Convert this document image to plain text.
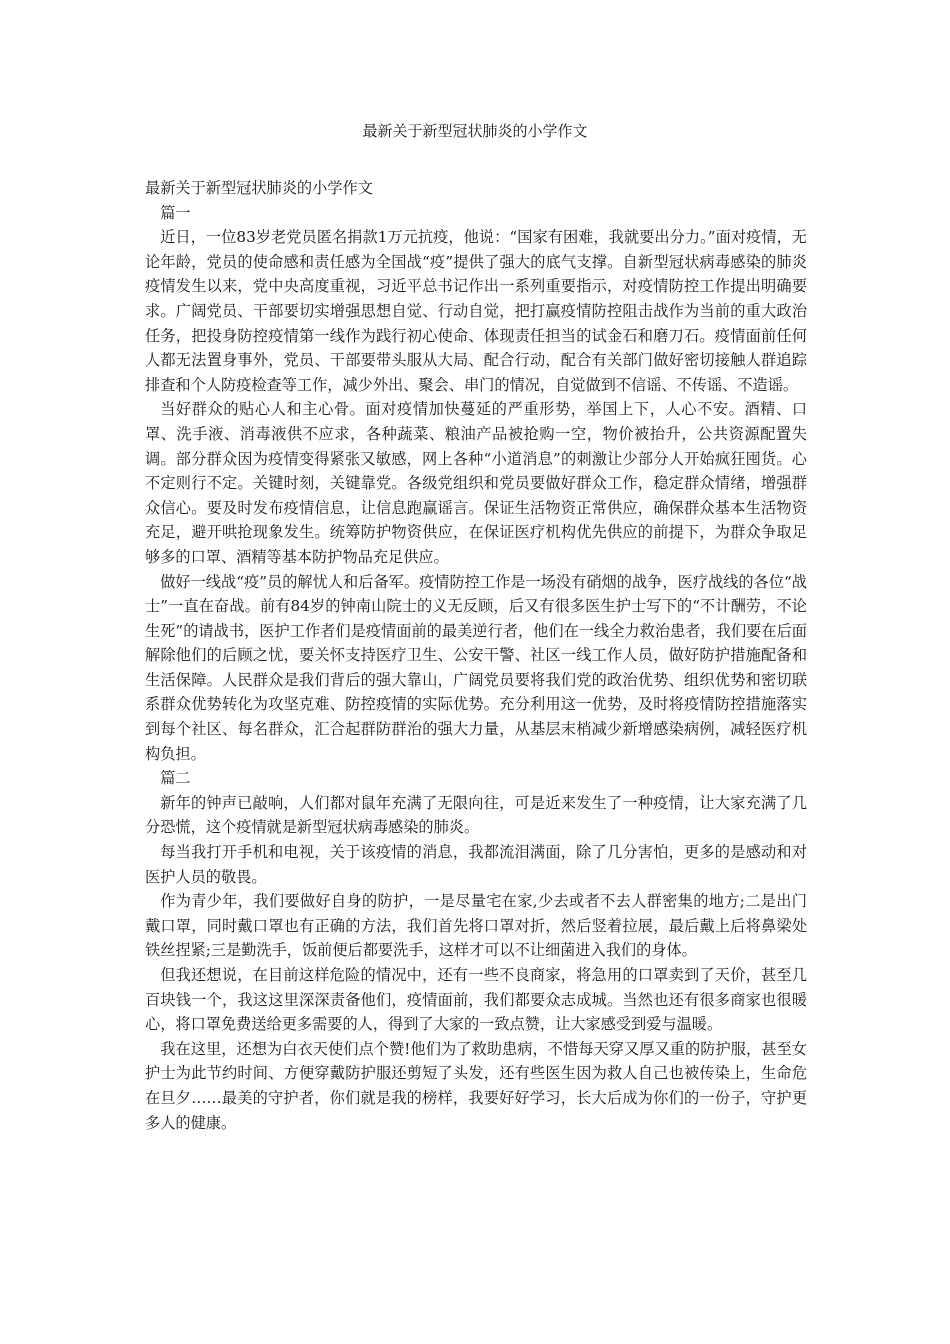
最新关于新型冠状肺炎的小学作文

最新关于新型冠状肺炎的小学作文

篇一

近日，一位83岁老党员匿名捐款1万元抗疫，他说：“国家有困难，我就要出分力。”面对疫情，无论年龄，党员的使命感和责任感为全国战“疫”提供了强大的底气支撑。自新型冠状病毒感染的肺炎疫情发生以来，党中央高度重视，习近平总书记作出一系列重要指示，对疫情防控工作提出明确要求。广阔党员、干部要切实增强思想自觉、行动自觉，把打赢疫情防控阻击战作为当前的重大政治任务，把投身防控疫情第一线作为践行初心使命、体现责任担当的试金石和磨刀石。疫情面前任何人都无法置身事外，党员、干部要带头服从大局、配合行动，配合有关部门做好密切接触人群追踪排查和个人防疫检查等工作，减少外出、聚会、串门的情况，自觉做到不信谣、不传谣、不造谣。

当好群众的贴心人和主心骨。面对疫情加快蔓延的严重形势，举国上下，人心不安。酒精、口罩、洗手液、消毒液供不应求，各种蔬菜、粮油产品被抢购一空，物价被抬升，公共资源配置失调。部分群众因为疫情变得紧张又敏感，网上各种“小道消息”的刺激让少部分人开始疯狂囤货。心不定则行不定。关键时刻，关键靠党。各级党组织和党员要做好群众工作，稳定群众情绪，增强群众信心。要及时发布疫情信息，让信息跑赢谣言。保证生活物资正常供应，确保群众基本生活物资充足，避开哄抢现象发生。统筹防护物资供应，在保证医疗机构优先供应的前提下，为群众争取足够多的口罩、酒精等基本防护物品充足供应。

做好一线战“疫”员的解忧人和后备军。疫情防控工作是一场没有硝烟的战争，医疗战线的各位“战士”一直在奋战。前有84岁的钟南山院士的义无反顾，后又有很多医生护士写下的“不计酬劳，不论生死”的请战书，医护工作者们是疫情面前的最美逆行者，他们在一线全力救治患者，我们要在后面解除他们的后顾之忧，要关怀支持医疗卫生、公安干警、社区一线工作人员，做好防护措施配备和生活保障。人民群众是我们背后的强大靠山，广阔党员要将我们党的政治优势、组织优势和密切联系群众优势转化为攻坚克难、防控疫情的实际优势。充分利用这一优势，及时将疫情防控措施落实到每个社区、每名群众，汇合起群防群治的强大力量，从基层末梢减少新增感染病例，减轻医疗机构负担。

篇二

新年的钟声已敲响，人们都对鼠年充满了无限向往，可是近来发生了一种疫情，让大家充满了几分恐慌，这个疫情就是新型冠状病毒感染的肺炎。

每当我打开手机和电视，关于该疫情的消息，我都流泪满面，除了几分害怕，更多的是感动和对医护人员的敬畏。

作为青少年，我们要做好自身的防护，一是尽量宅在家,少去或者不去人群密集的地方;二是出门戴口罩，同时戴口罩也有正确的方法，我们首先将口罩对折，然后竖着拉展，最后戴上后将鼻梁处铁丝捏紧;三是勤洗手，饭前便后都要洗手，这样才可以不让细菌进入我们的身体。

但我还想说，在目前这样危险的情况中，还有一些不良商家，将急用的口罩卖到了天价，甚至几百块钱一个，我这这里深深责备他们，疫情面前，我们都要众志成城。当然也还有很多商家也很暖心，将口罩免费送给更多需要的人，得到了大家的一致点赞，让大家感受到爱与温暖。

我在这里，还想为白衣天使们点个赞!他们为了救助患病，不惜每天穿又厚又重的防护服，甚至女护士为此节约时间、方便穿戴防护服还剪短了头发，还有些医生因为救人自己也被传染上，生命危在旦夕……最美的守护者，你们就是我的榜样，我要好好学习，长大后成为你们的一份子，守护更多人的健康。
